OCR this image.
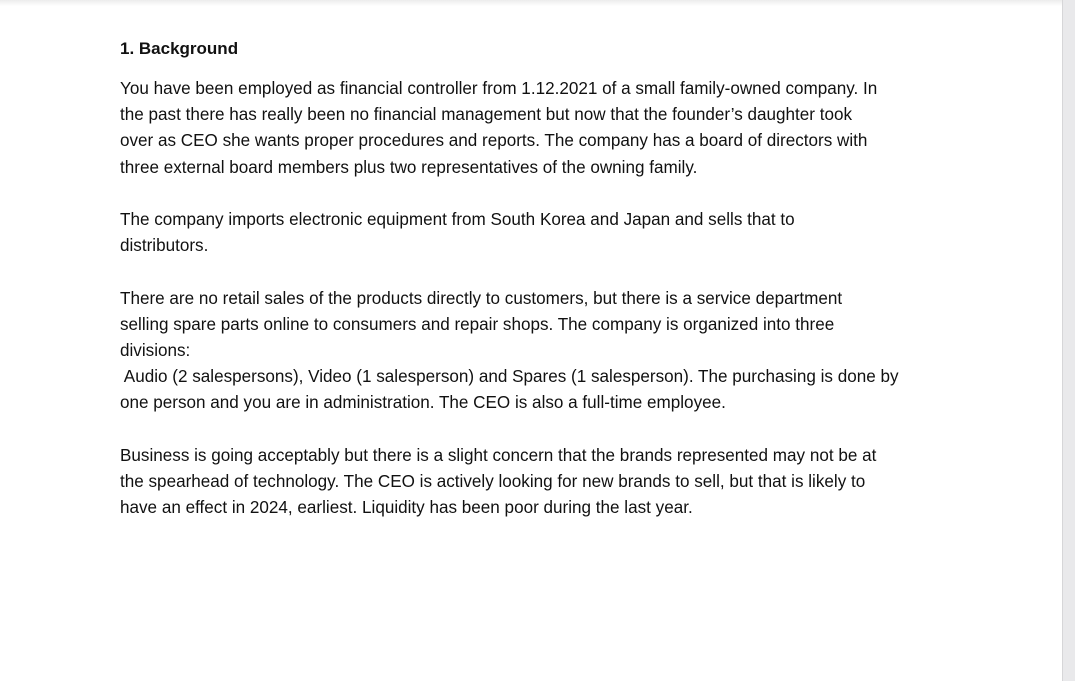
1. Background

You have been employed as financial controller from 1.12.2021 of a small family-owned company. In
the past there has really been no financial management but now that the founder’s daughter took
over as CEO she wants proper procedures and reports. The company has a board of directors with
three external board members plus two representatives of the owning family.

The company imports electronic equipment from South Korea and Japan and sells that to
distributors.

There are no retail sales of the products directly to customers, but there is a service department
selling spare parts online to consumers and repair shops. The company is organized into three
divisions:
Audio (2 salespersons), Video (1 salesperson) and Spares (1 salesperson). The purchasing is done by
one person and you are in administration. The CEO is also a full-time employee.

Business is going acceptably but there is a slight concern that the brands represented may not be at
the spearhead of technology. The CEO is actively looking for new brands to sell, but that is likely to
have an effect in 2024, earliest. Liquidity has been poor during the last year.
